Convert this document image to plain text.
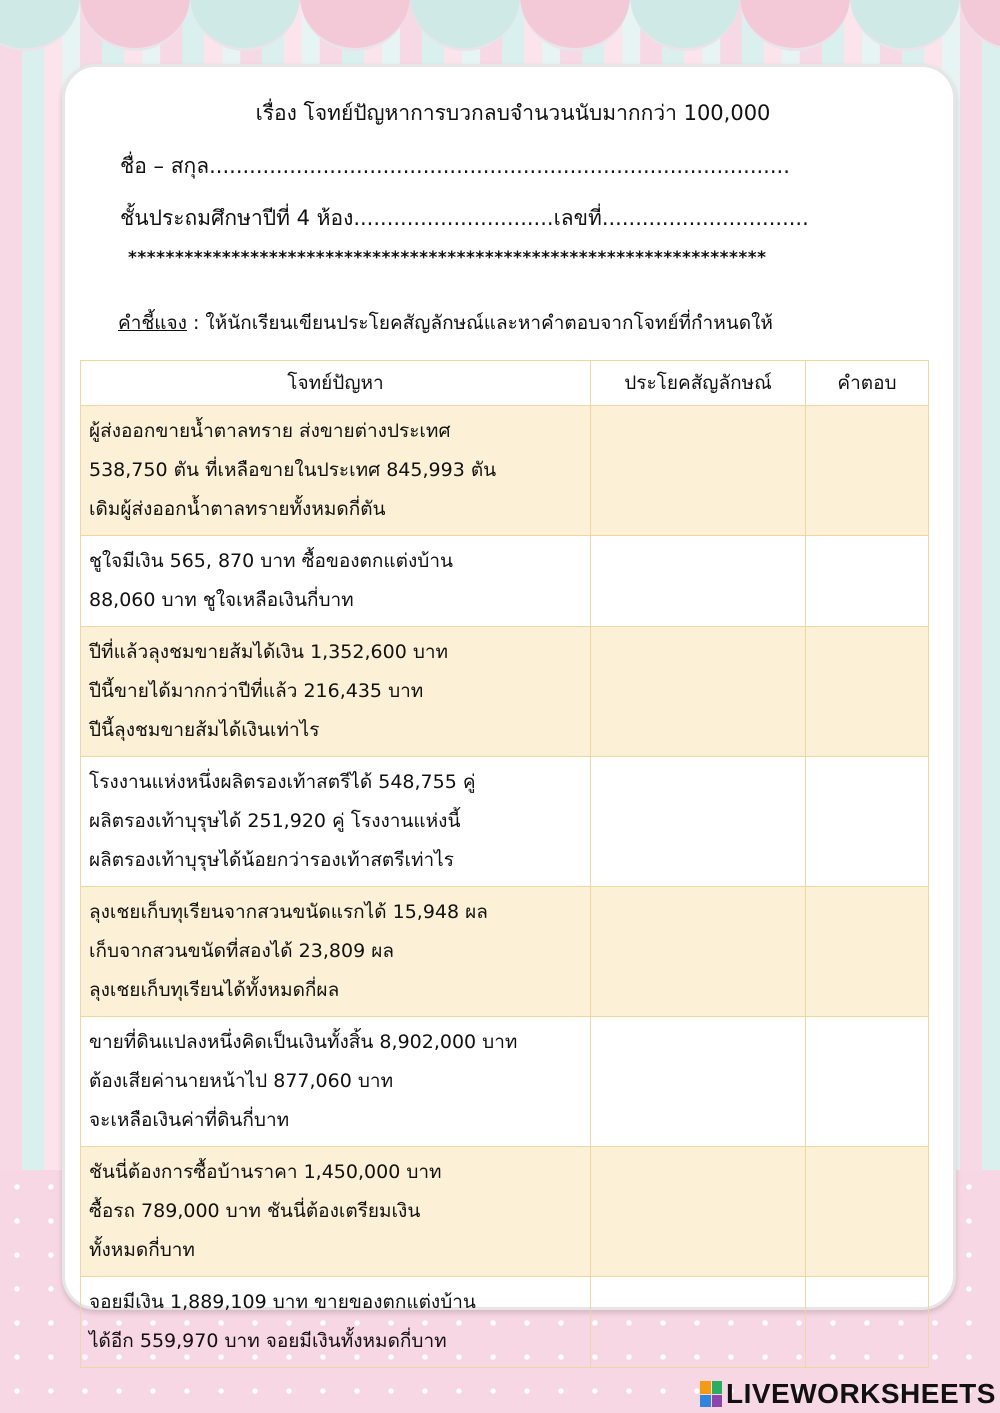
เรื่อง โจทย์ปัญหาการบวกลบจำนวนนับมากกว่า 100,000
ชื่อ – สกุล.......................................................................................
ชั้นประถมศึกษาปีที่ 4 ห้อง..............................เลขที่...............................
********************************************************************
คำชี้แจง : ให้นักเรียนเขียนประโยคสัญลักษณ์และหาคำตอบจากโจทย์ที่กำหนดให้
โจทย์ปัญหา	ประโยคสัญลักษณ์	คำตอบ

ผู้ส่งออกขายน้ำตาลทราย ส่งขายต่างประเทศ
538,750 ตัน ที่เหลือขายในประเทศ 845,993 ตัน
เดิมผู้ส่งออกน้ำตาลทรายทั้งหมดกี่ตัน		

ชูใจมีเงิน 565, 870 บาท ซื้อของตกแต่งบ้าน
88,060 บาท ชูใจเหลือเงินกี่บาท		

ปีที่แล้วลุงชมขายส้มได้เงิน 1,352,600 บาท
ปีนี้ขายได้มากกว่าปีที่แล้ว 216,435 บาท
ปีนี้ลุงชมขายส้มได้เงินเท่าไร		

โรงงานแห่งหนึ่งผลิตรองเท้าสตรีได้ 548,755 คู่
ผลิตรองเท้าบุรุษได้ 251,920 คู่ โรงงานแห่งนี้
ผลิตรองเท้าบุรุษได้น้อยกว่ารองเท้าสตรีเท่าไร		

ลุงเชยเก็บทุเรียนจากสวนขนัดแรกได้ 15,948 ผล
เก็บจากสวนขนัดที่สองได้ 23,809 ผล
ลุงเชยเก็บทุเรียนได้ทั้งหมดกี่ผล		

ขายที่ดินแปลงหนึ่งคิดเป็นเงินทั้งสิ้น 8,902,000 บาท
ต้องเสียค่านายหน้าไป 877,060 บาท
จะเหลือเงินค่าที่ดินกี่บาท		

ชันนี่ต้องการซื้อบ้านราคา 1,450,000 บาท
ซื้อรถ 789,000 บาท ชันนี่ต้องเตรียมเงิน
ทั้งหมดกี่บาท		

จอยมีเงิน 1,889,109 บาท ขายของตกแต่งบ้าน
ได้อีก 559,970 บาท จอยมีเงินทั้งหมดกี่บาท		

LIVEWORKSHEETS
